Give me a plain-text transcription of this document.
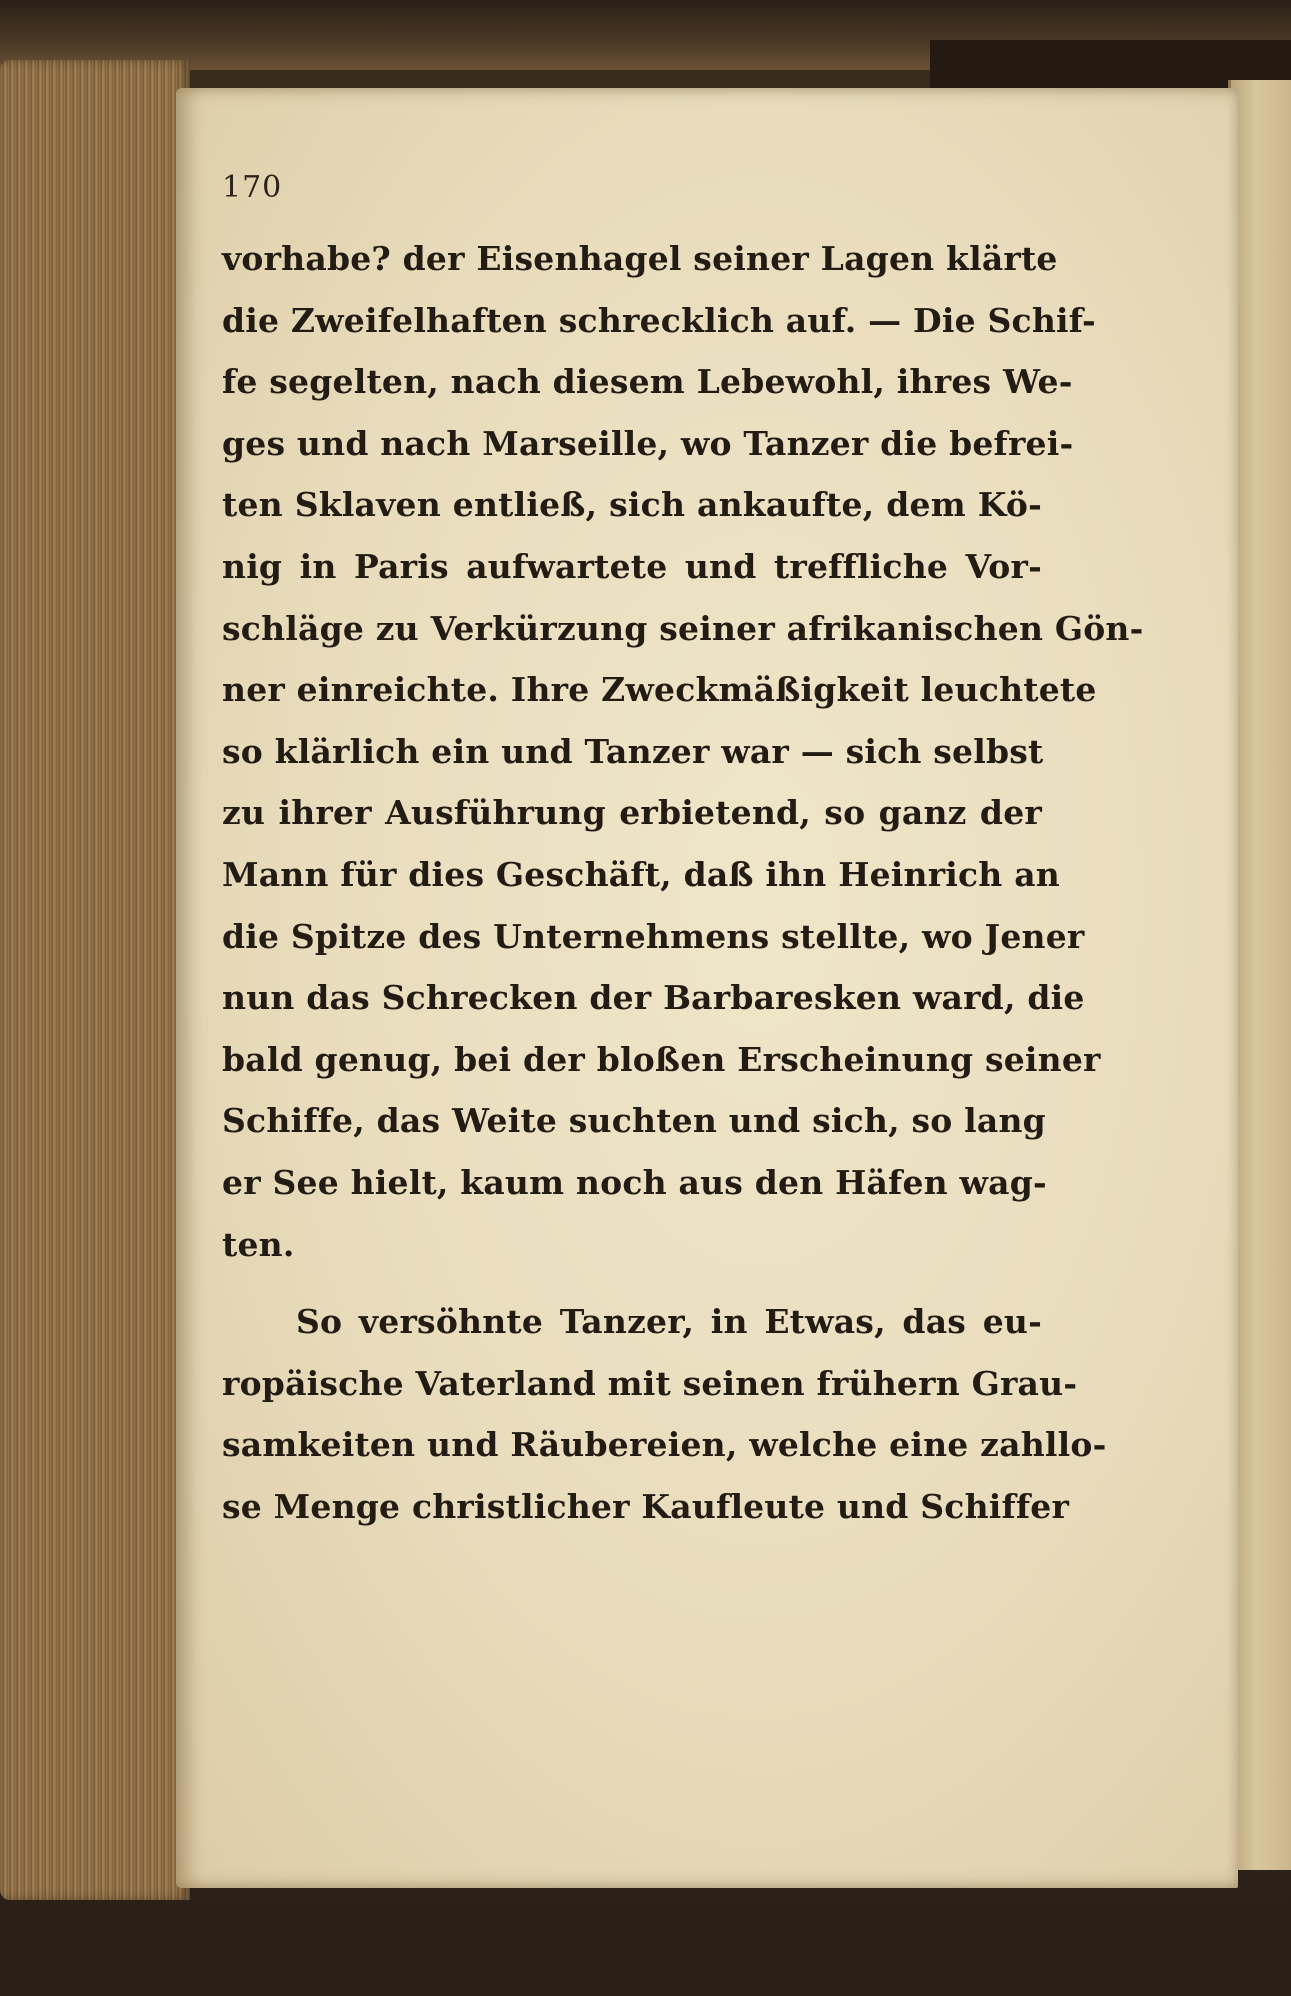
170
vorhabe? der Eisenhagel seiner Lagen klärte
die Zweifelhaften schrecklich auf. — Die Schif-
fe segelten, nach diesem Lebewohl, ihres We-
ges und nach Marseille, wo Tanzer die befrei-
ten Sklaven entließ, sich ankaufte, dem Kö-
nig in Paris aufwartete und treffliche Vor-
schläge zu Verkürzung seiner afrikanischen Gön-
ner einreichte. Ihre Zweckmäßigkeit leuchtete
so klärlich ein und Tanzer war — sich selbst
zu ihrer Ausführung erbietend, so ganz der
Mann für dies Geschäft, daß ihn Heinrich an
die Spitze des Unternehmens stellte, wo Jener
nun das Schrecken der Barbaresken ward, die
bald genug, bei der bloßen Erscheinung seiner
Schiffe, das Weite suchten und sich, so lang
er See hielt, kaum noch aus den Häfen wag-
ten.
So versöhnte Tanzer, in Etwas, das eu-
ropäische Vaterland mit seinen frühern Grau-
samkeiten und Räubereien, welche eine zahllo-
se Menge christlicher Kaufleute und Schiffer
